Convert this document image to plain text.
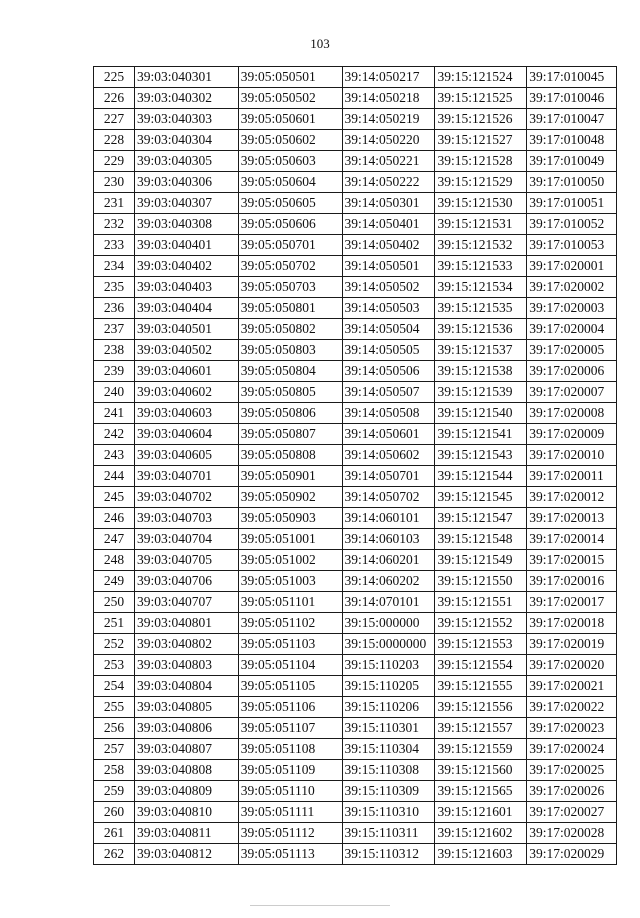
103
225	39:03:040301	39:05:050501	39:14:050217	39:15:121524	39:17:010045
226	39:03:040302	39:05:050502	39:14:050218	39:15:121525	39:17:010046
227	39:03:040303	39:05:050601	39:14:050219	39:15:121526	39:17:010047
228	39:03:040304	39:05:050602	39:14:050220	39:15:121527	39:17:010048
229	39:03:040305	39:05:050603	39:14:050221	39:15:121528	39:17:010049
230	39:03:040306	39:05:050604	39:14:050222	39:15:121529	39:17:010050
231	39:03:040307	39:05:050605	39:14:050301	39:15:121530	39:17:010051
232	39:03:040308	39:05:050606	39:14:050401	39:15:121531	39:17:010052
233	39:03:040401	39:05:050701	39:14:050402	39:15:121532	39:17:010053
234	39:03:040402	39:05:050702	39:14:050501	39:15:121533	39:17:020001
235	39:03:040403	39:05:050703	39:14:050502	39:15:121534	39:17:020002
236	39:03:040404	39:05:050801	39:14:050503	39:15:121535	39:17:020003
237	39:03:040501	39:05:050802	39:14:050504	39:15:121536	39:17:020004
238	39:03:040502	39:05:050803	39:14:050505	39:15:121537	39:17:020005
239	39:03:040601	39:05:050804	39:14:050506	39:15:121538	39:17:020006
240	39:03:040602	39:05:050805	39:14:050507	39:15:121539	39:17:020007
241	39:03:040603	39:05:050806	39:14:050508	39:15:121540	39:17:020008
242	39:03:040604	39:05:050807	39:14:050601	39:15:121541	39:17:020009
243	39:03:040605	39:05:050808	39:14:050602	39:15:121543	39:17:020010
244	39:03:040701	39:05:050901	39:14:050701	39:15:121544	39:17:020011
245	39:03:040702	39:05:050902	39:14:050702	39:15:121545	39:17:020012
246	39:03:040703	39:05:050903	39:14:060101	39:15:121547	39:17:020013
247	39:03:040704	39:05:051001	39:14:060103	39:15:121548	39:17:020014
248	39:03:040705	39:05:051002	39:14:060201	39:15:121549	39:17:020015
249	39:03:040706	39:05:051003	39:14:060202	39:15:121550	39:17:020016
250	39:03:040707	39:05:051101	39:14:070101	39:15:121551	39:17:020017
251	39:03:040801	39:05:051102	39:15:000000	39:15:121552	39:17:020018
252	39:03:040802	39:05:051103	39:15:0000000	39:15:121553	39:17:020019
253	39:03:040803	39:05:051104	39:15:110203	39:15:121554	39:17:020020
254	39:03:040804	39:05:051105	39:15:110205	39:15:121555	39:17:020021
255	39:03:040805	39:05:051106	39:15:110206	39:15:121556	39:17:020022
256	39:03:040806	39:05:051107	39:15:110301	39:15:121557	39:17:020023
257	39:03:040807	39:05:051108	39:15:110304	39:15:121559	39:17:020024
258	39:03:040808	39:05:051109	39:15:110308	39:15:121560	39:17:020025
259	39:03:040809	39:05:051110	39:15:110309	39:15:121565	39:17:020026
260	39:03:040810	39:05:051111	39:15:110310	39:15:121601	39:17:020027
261	39:03:040811	39:05:051112	39:15:110311	39:15:121602	39:17:020028
262	39:03:040812	39:05:051113	39:15:110312	39:15:121603	39:17:020029
